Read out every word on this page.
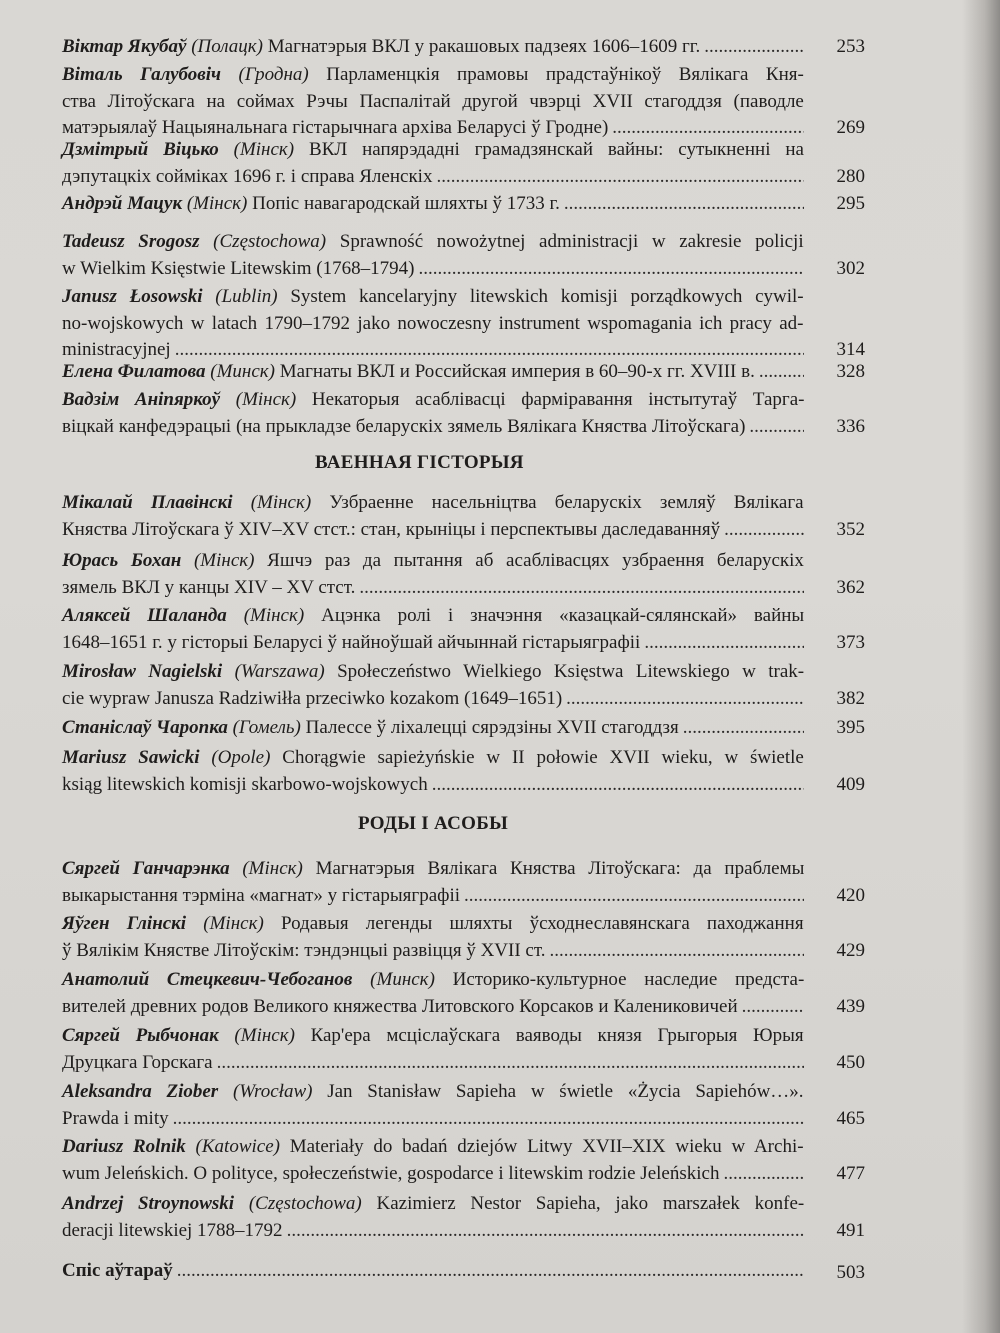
Віктар Якубаў (Полацк) Магнатэрыя ВКЛ у ракашовых падзеях 1606–1609 гг. .....	253
Віталь Галубовіч (Гродна) Парламенцкія прамовы прадстаўнікоў Вялікага Кня-
ства Літоўскага на соймах Рэчы Паспалітай другой чвэрці XVII стагоддзя (паводле
матэрыялаў Нацыянальнага гістарычнага архіва Беларусі ў Гродне) .....	269
Дзмітрый Віцько (Мінск) ВКЛ напярэдадні грамадзянскай вайны: сутыкненні на
дэпутацкіх сойміках 1696 г. і справа Яленскіх .....	280
Андрэй Мацук (Мінск) Попіс навагародскай шляхты ў 1733 г. .....	295
Tadeusz Srogosz (Częstochowa) Sprawność nowożytnej administracji w zakresie policji
w Wielkim Księstwie Litewskim (1768–1794) .....	302
Janusz Łosowski (Lublin) System kancelaryjny litewskich komisji porządkowych cywil-
no-wojskowych w latach 1790–1792 jako nowoczesny instrument wspomagania ich pracy ad-
ministracyjnej .....	314
Елена Филатова (Минск) Магнаты ВКЛ и Российская империя в 60–90-х гг. XVIII в. .....	328
Вадзім Аніпяркоў (Мінск) Некаторыя асаблівасці фарміравання інстытутаў Тарга-
віцкай канфедэрацыі (на прыкладзе беларускіх зямель Вялікага Княства Літоўскага) .....	336
ВАЕННАЯ ГІСТОРЫЯ
Мікалай Плавінскі (Мінск) Узбраенне насельніцтва беларускіх земляў Вялікага
Княства Літоўскага ў XIV–XV стст.: стан, крыніцы і перспектывы даследаванняў .....	352
Юрась Бохан (Мінск) Яшчэ раз да пытання аб асаблівасцях узбраення беларускіх
зямель ВКЛ у канцы XIV – XV стст. .....	362
Аляксей Шаланда (Мінск) Ацэнка ролі і значэння «казацкай-сялянскай» вайны
1648–1651 г. у гісторыі Беларусі ў найноўшай айчыннай гістарыяграфіі .....	373
Mirosław Nagielski (Warszawa) Społeczeństwo Wielkiego Księstwa Litewskiego w trak-
cie wypraw Janusza Radziwiłła przeciwko kozakom (1649–1651) .....	382
Станіслаў Чаропка (Гомель) Палессе ў ліхалецці сярэдзіны XVII стагоддзя .....	395
Mariusz Sawicki (Opole) Chorągwie sapieżyńskie w II połowie XVII wieku, w świetle
ksiąg litewskich komisji skarbowo-wojskowych .....	409
РОДЫ І АСОБЫ
Сяргей Ганчарэнка (Мінск) Магнатэрыя Вялікага Княства Літоўскага: да праблемы
выкарыстання тэрміна «магнат» у гістарыяграфіі .....	420
Яўген Глінскі (Мінск) Родавыя легенды шляхты ўсходнеславянскага паходжання
ў Вялікім Княстве Літоўскім: тэндэнцыі развіцця ў XVII ст. .....	429
Анатолий Стецкевич-Чебоганов (Минск) Историко-культурное наследие предста-
вителей древних родов Великого княжества Литовского Корсаков и Калениковичей .....	439
Сяргей Рыбчонак (Мінск) Кар'ера мсціслаўскага ваяводы князя Грыгорыя Юрыя
Друцкага Горскага .....	450
Aleksandra Ziober (Wrocław) Jan Stanisław Sapieha w świetle «Życia Sapiehów…».
Prawda i mity .....	465
Dariusz Rolnik (Katowice) Materiały do badań dziejów Litwy XVII–XIX wieku w Archi-
wum Jeleńskich. O polityce, społeczeństwie, gospodarce i litewskim rodzie Jeleńskich .....	477
Andrzej Stroynowski (Częstochowa) Kazimierz Nestor Sapieha, jako marszałek konfe-
deracji litewskiej 1788–1792 .....	491
Спіс аўтараў .....	503
